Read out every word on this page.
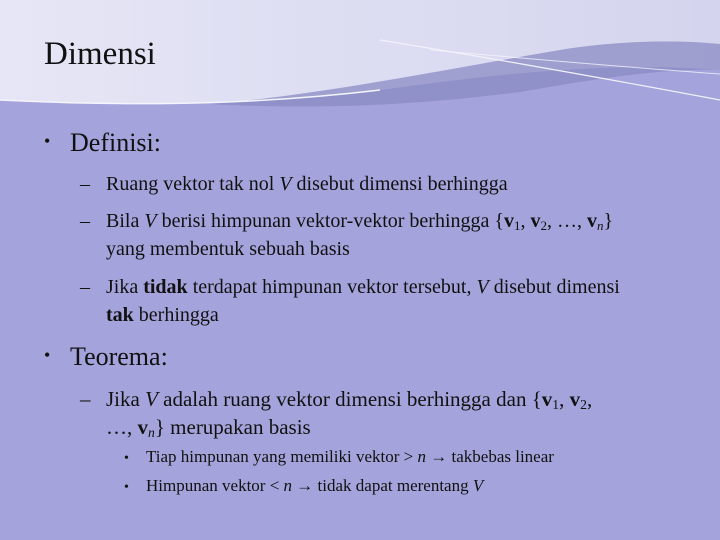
Dimensi
• Definisi:
– Ruang vektor tak nol V disebut dimensi berhingga
– Bila V berisi himpunan vektor-vektor berhingga {$v_1$, $v_2$, …, $v_n$}
yang membentuk sebuah basis
– Jika tidak terdapat himpunan vektor tersebut, V disebut dimensi
tak berhingga
• Teorema:
– Jika V adalah ruang vektor dimensi berhingga dan {$v_1$, $v_2$,
…, $v_n$} merupakan basis
•	Tiap himpunan yang memiliki vektor > n → takbebas linear
•	Himpunan vektor < n → tidak dapat merentang V
